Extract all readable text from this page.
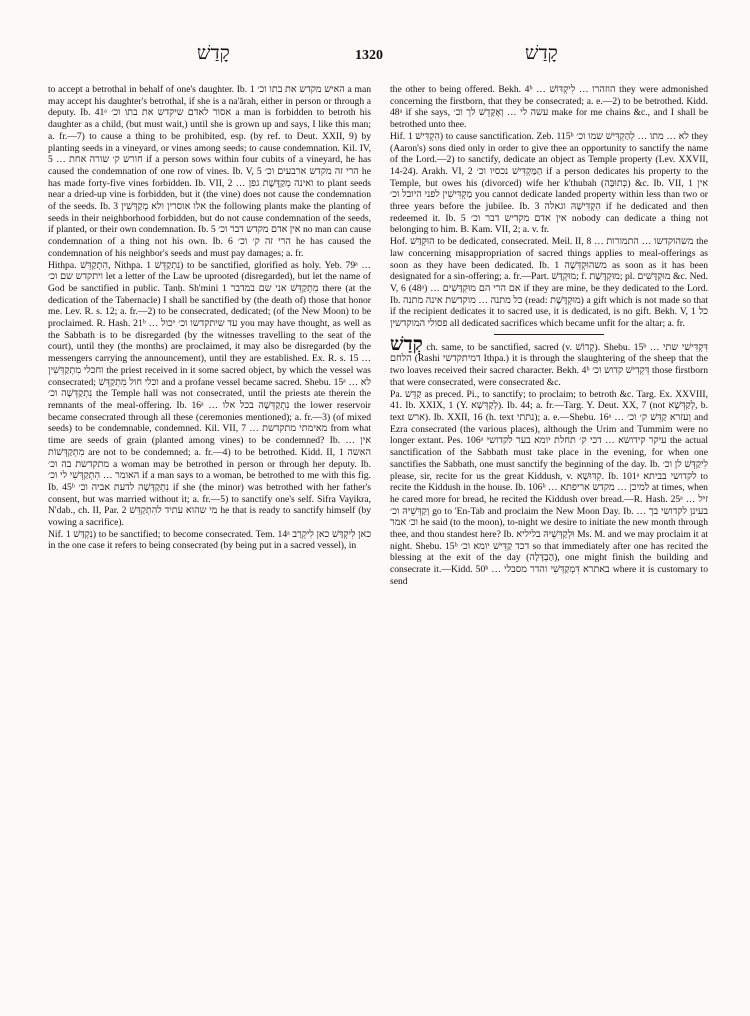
קָדַשׁ	1320	קָדַשׁ

to accept a betrothal in behalf of one's daughter. Ib. 1 האיש מקדש את בתו וכ׳ a man may accept his daughter's betrothal, if she is a na'ărah, either in person or through a deputy. Ib. 41ᵃ אסור לאדם שיקדש את בתו וכ׳ a man is forbidden to betroth his daughter as a child, (but must wait,) until she is grown up and says, I like this man; a. fr.—7) to cause a thing to be prohibited, esp. (by ref. to Deut. XXII, 9) by planting seeds in a vineyard, or vines among seeds; to cause condemnation. Kil. IV, 5 … חורש ק׳ שורה אחת if a person sows within four cubits of a vineyard, he has caused the condemnation of one row of vines. Ib. V, 5 הרי זה מקדש ארבעים וכ׳ he has made forty-five vines forbidden. Ib. VII, 2 … ואינה מְקַדֶּשֶׁת גפן to plant seeds near a dried-up vine is forbidden, but it (the vine) does not cause the condemnation of the seeds. Ib. 3 אלו אוסרין ולא מְקַדְּשִׁין the following plants make the planting of seeds in their neighborhood forbidden, but do not cause condemnation of the seeds, if planted, or their own condemnation. Ib. 5 אין אדם מקדש דבר וכ׳ no man can cause condemnation of a thing not his own. Ib. 6 הרי זה ק׳ וכ׳ he has caused the condemnation of his neighbor's seeds and must pay damages; a. fr.

Hithpa. הִתְקַדֵּשׁ, Nithpa. נִתְקַדֵּשׁ 1) to be sanctified, glorified as holy. Yeb. 79ᵃ … ויתקדש שם וכ׳ let a letter of the Law be uprooted (disregarded), but let the name of God be sanctified in public. Tanḥ. Sh'mini 1 מִתְקַדֵּשׁ אני שם במדבר there (at the dedication of the Tabernacle) I shall be sanctified by (the death of) those that honor me. Lev. R. s. 12; a. fr.—2) to be consecrated, dedicated; (of the New Moon) to be proclaimed. R. Hash. 21ᵇ … עד שיתקדשו וכ׳ יכול you may have thought, as well as the Sabbath is to be disregarded (by the witnesses travelling to the seat of the court), until they (the months) are proclaimed, it may also be disregarded (by the messengers carrying the announcement), until they are established. Ex. R. s. 15 … וחכלי מִתְקַדְּשִׁין the priest received in it some sacred object, by which the vessel was consecrated; וכלי חול מִתְקַדֵּשׁ and a profane vessel became sacred. Shebu. 15ᵃ … לא נִתְקַדְּשָׁה וכ׳ the Temple hall was not consecrated, until the priests ate therein the remnants of the meal-offering. Ib. 16ᵃ … נִתְקַדְּשָׁה בכל אלו the lower reservoir became consecrated through all these (ceremonies mentioned); a. fr.—3) (of mixed seeds) to be condemnable, condemned. Kil. VII, 7 … מאימתי מתקדשת from what time are seeds of grain (planted among vines) to be condemned? Ib. … אין מִתְקַדְּשׁוֹת are not to be condemned; a. fr.—4) to be betrothed. Kidd. II, 1 האשה מתקדשת בה וכ׳ a woman may be betrothed in person or through her deputy. Ib. האומר … הִתְקַדְּשִׁי לי וכ׳ if a man says to a woman, be betrothed to me with this fig. Ib. 45ᵇ נִתְקַדְּשָׁה לדעת אביה וכ׳ if she (the minor) was betrothed with her father's consent, but was married without it; a. fr.—5) to sanctify one's self. Sifra Vayikra, N'dab., ch. II, Par. 2 מי שהוא עתיד להִתְקַדֵּשׁ he that is ready to sanctify himself (by vowing a sacrifice).

Nif. נִקְדַּשׁ 1) to be sanctified; to become consecrated. Tem. 14ᵃ כאן לִיקְדַּשׁ כאן לִיקְרַב in the one case it refers to being consecrated (by being put in a sacred vessel), in

the other to being offered. Bekh. 4ᵇ … הוזהרו … לִיקְדּוֹשׁ they were admonished concerning the firstborn, that they be consecrated; a. e.—2) to be betrothed. Kidd. 48ᵃ if she says, עשה לי … וְאֶקָּדֵשׁ לך וכ׳ make for me chains &c., and I shall be betrothed unto thee.

Hif. הִקְדִּישׁ 1) to cause sanctification. Zeb. 115ᵇ לא … מתו … לְהַקְדִּישׁ שמו וכ׳ they (Aaron's) sons died only in order to give thee an opportunity to sanctify the name of the Lord.—2) to sanctify, dedicate an object as Temple property (Lev. XXVII, 14-24). Arakh. VI, 2 הַמַּקְדִּישׁ נכסיו וכ׳ if a person dedicates his property to the Temple, but owes his (divorced) wife her k'thubah (כְּתוּבָּה) &c. Ib. VII, 1 אין מַקְדִּישִׁין לפני היובל וכ׳ you cannot dedicate landed property within less than two or three years before the jubilee. Ib. 3 הִקְדִּישָׁהּ וגאלה if he dedicated and then redeemed it. Ib. 5 אין אדם מקדיש דבר וכ׳ nobody can dedicate a thing not belonging to him. B. Kam. VII, 2; a. v. fr.

Hof. הוּקְדַּשׁ to be dedicated, consecrated. Meil. II, 8 … משהוקדשו … התמורות the law concerning misappropriation of sacred things applies to meal-offerings as soon as they have been dedicated. Ib. 1 משהוּקְדְּשָׁה as soon as it has been designated for a sin-offering; a. fr.—Part. מוּקְדָּשׁ; f. מוּקְדֶּשֶׁת; pl. מוּקְדָּשִׁים &c. Ned. V, 6 (48ᵃ) … אם הרי הם מוּקְדָּשִׁים if they are mine, be they dedicated to the Lord. Ib. כל מתנה … מוקדשת אינה מתנה (read: מוּקְדֶּשֶׁת) a gift which is not made so that if the recipient dedicates it to sacred use, it is dedicated, is no gift. Bekh. V, 1 כל פסולי המוקדשין all dedicated sacrifices which became unfit for the altar; a. fr.

קְדַשׁ ch. same, to be sanctified, sacred (v. קְדוֹשׁ). Shebu. 15ᵇ … דִּקְדִּישׁי שתי הלחם (Rashi דמיתקדשי Ithpa.) it is through the slaughtering of the sheep that the two loaves received their sacred character. Bekh. 4ᵇ דְּקְדִישׁ קדוש וכ׳ those firstborn that were consecrated, were consecrated &c.

Pa. קַדֵּשׁ as preced. Pi., to sanctify; to proclaim; to betroth &c. Targ. Ex. XXVIII, 41. Ib. XXIX, 1 (Y. לְקַדְּשָׁא). Ib. 44; a. fr.—Targ. Y. Deut. XX, 7 (not לְקַדְּשָׁא, b. text ארש). Ib. XXII, 16 (h. text נתתי); a. e.—Shebu. 16ᵃ … וְעזרא קַדֵּשׁ ק׳ וכ׳ and Ezra consecrated (the various places), although the Urim and Tummim were no longer extant. Pes. 106ᵃ עיקר קידושא … דכי ק׳ תחלת יומא בער לקדושי the actual sanctification of the Sabbath must take place in the evening, for when one sanctifies the Sabbath, one must sanctify the beginning of the day. Ib. לִיקַדְּשׁ לן וכ׳ please, sir, recite for us the great Kiddush, v. קִדּוּשָׁא. Ib. 101ᵃ לקדושי בביתא to recite the Kiddush in the house. Ib. 106ᵇ … למיכן … מקדש אריפתא at times, when he cared more for bread, he recited the Kiddush over bread.—R. Hash. 25ᵃ זיל … וְקַדְּשֵׁיהּ וכ׳ go to 'En-Tab and proclaim the New Moon Day. Ib. … בעינן לקדושי בך וכ׳ אמר he said (to the moon), to-night we desire to initiate the new month through thee, and thou standest here? Ib. וּלְקַדְּשֵׁיהּ בליליא Ms. M. and we may proclaim it at night. Shebu. 15ᵇ דכד קַדֵּישׁ יומא וכ׳ so that immediately after one has recited the blessing at the exit of the day (הַבְדָּלָה), one might finish the building and consecrate it.—Kidd. 50ᵇ … באתרא דִּמְקַדְּשִׁי והדר מסבלי where it is customary to send
